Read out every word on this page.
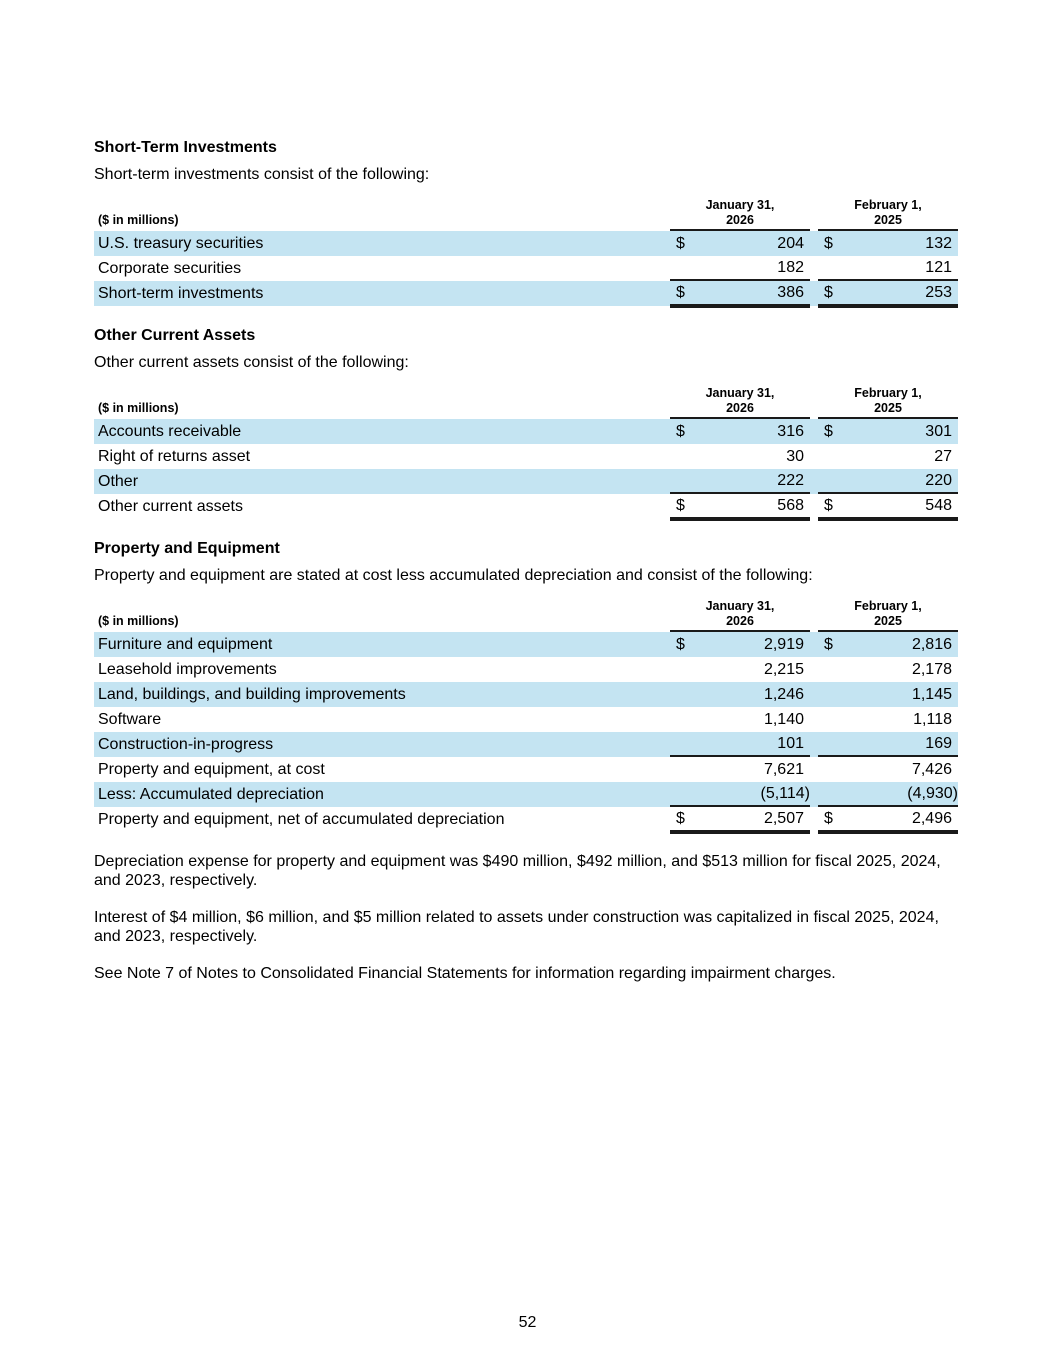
Short-Term Investments
Short-term investments consist of the following:
($ in millions)
January 31,
2026
February 1,
2025
U.S. treasury securities	$	204	$	132
Corporate securities	182	121
Short-term investments	$	386	$	253
Other Current Assets
Other current assets consist of the following:
($ in millions)
January 31,
2026
February 1,
2025
Accounts receivable	$	316	$	301
Right of returns asset	30	27
Other	222	220
Other current assets	$	568	$	548
Property and Equipment
Property and equipment are stated at cost less accumulated depreciation and consist of the following:
($ in millions)
January 31,
2026
February 1,
2025
Furniture and equipment	$	2,919	$	2,816
Leasehold improvements	2,215	2,178
Land, buildings, and building improvements	1,246	1,145
Software	1,140	1,118
Construction-in-progress	101	169
Property and equipment, at cost	7,621	7,426
Less: Accumulated depreciation	(5,114)	(4,930)
Property and equipment, net of accumulated depreciation	$	2,507	$	2,496

Depreciation expense for property and equipment was $490 million, $492 million, and $513 million for fiscal 2025, 2024, and 2023, respectively.

Interest of $4 million, $6 million, and $5 million related to assets under construction was capitalized in fiscal 2025, 2024, and 2023, respectively.

See Note 7 of Notes to Consolidated Financial Statements for information regarding impairment charges.

52
